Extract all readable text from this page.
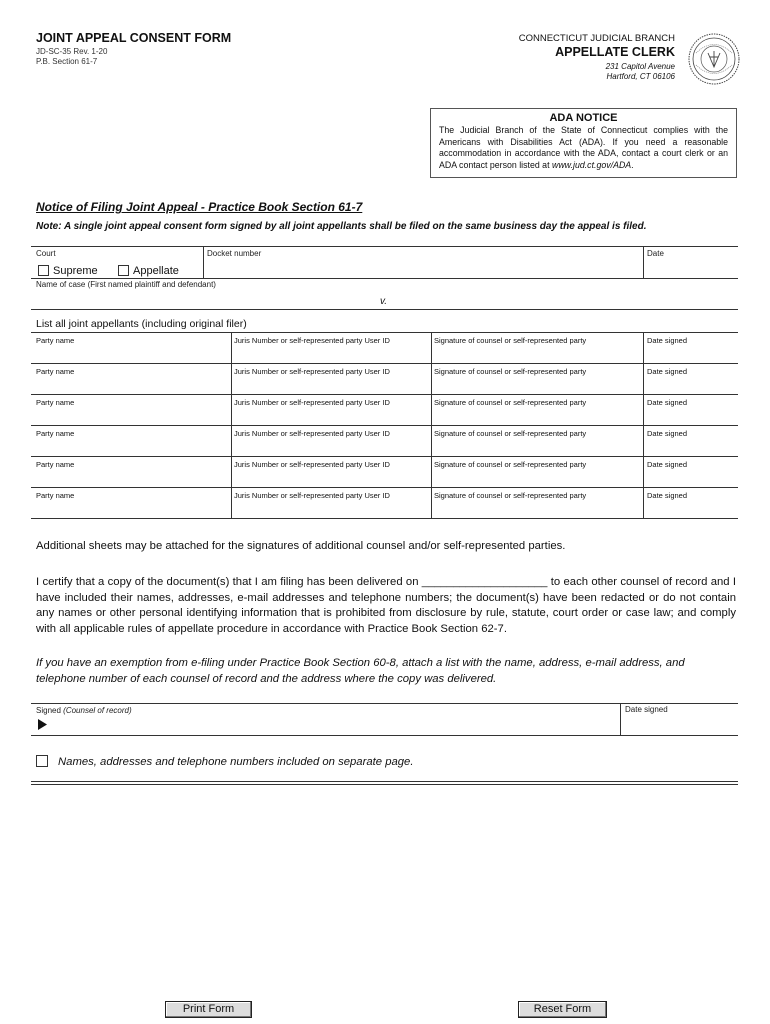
JOINT APPEAL CONSENT FORM
JD-SC-35 Rev. 1-20
P.B. Section 61-7
CONNECTICUT JUDICIAL BRANCH
APPELLATE CLERK
231 Capitol Avenue
Hartford, CT 06106
ADA NOTICE
The Judicial Branch of the State of Connecticut complies with the Americans with Disabilities Act (ADA). If you need a reasonable accommodation in accordance with the ADA, contact a court clerk or an ADA contact person listed at www.jud.ct.gov/ADA.
Notice of Filing Joint Appeal - Practice Book Section 61-7
Note: A single joint appeal consent form signed by all joint appellants shall be filed on the same business day the appeal is filed.
Court
Supreme	Appellate
Docket number	Date
Name of case (First named plaintiff and defendant)
v.
List all joint appellants (including original filer)
Party name	Juris Number or self-represented party User ID	Signature of counsel or self-represented party	Date signed
Party name	Juris Number or self-represented party User ID	Signature of counsel or self-represented party	Date signed
Party name	Juris Number or self-represented party User ID	Signature of counsel or self-represented party	Date signed
Party name	Juris Number or self-represented party User ID	Signature of counsel or self-represented party	Date signed
Party name	Juris Number or self-represented party User ID	Signature of counsel or self-represented party	Date signed
Party name	Juris Number or self-represented party User ID	Signature of counsel or self-represented party	Date signed
Additional sheets may be attached for the signatures of additional counsel and/or self-represented parties.
I certify that a copy of the document(s) that I am filing has been delivered on ____________________ to each other counsel of record and I have included their names, addresses, e-mail addresses and telephone numbers; the document(s) have been redacted or do not contain any names or other personal identifying information that is prohibited from disclosure by rule, statute, court order or case law; and comply with all applicable rules of appellate procedure in accordance with Practice Book Section 62-7.
If you have an exemption from e-filing under Practice Book Section 60-8, attach a list with the name, address, e-mail address, and telephone number of each counsel of record and the address where the copy was delivered.
Signed (Counsel of record)	Date signed
Names, addresses and telephone numbers included on separate page.
Print Form	Reset Form
